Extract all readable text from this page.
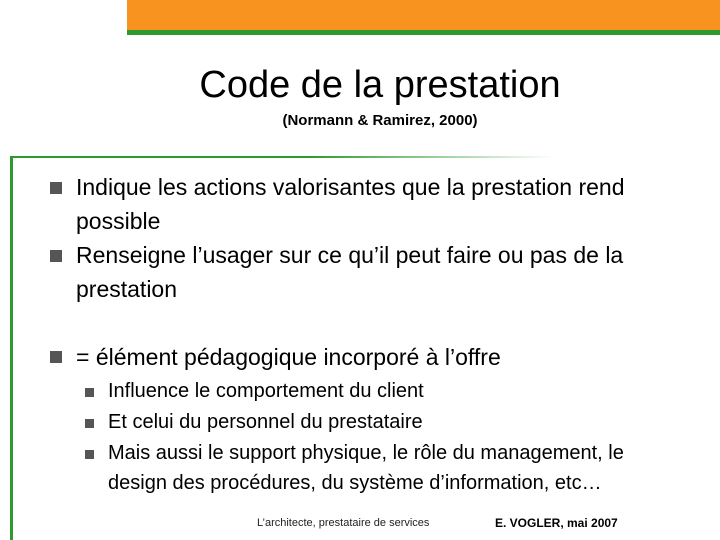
Code de la prestation
(Normann & Ramirez, 2000)
Indique les actions valorisantes que la prestation rend possible
Renseigne l’usager sur ce qu’il peut faire ou pas de la prestation
= élément pédagogique incorporé à l’offre
Influence le comportement du client
Et celui du personnel du prestataire
Mais aussi le support physique, le rôle du management, le design des procédures, du système d’information, etc…
L’architecte, prestataire de services	E. VOGLER, mai 2007
